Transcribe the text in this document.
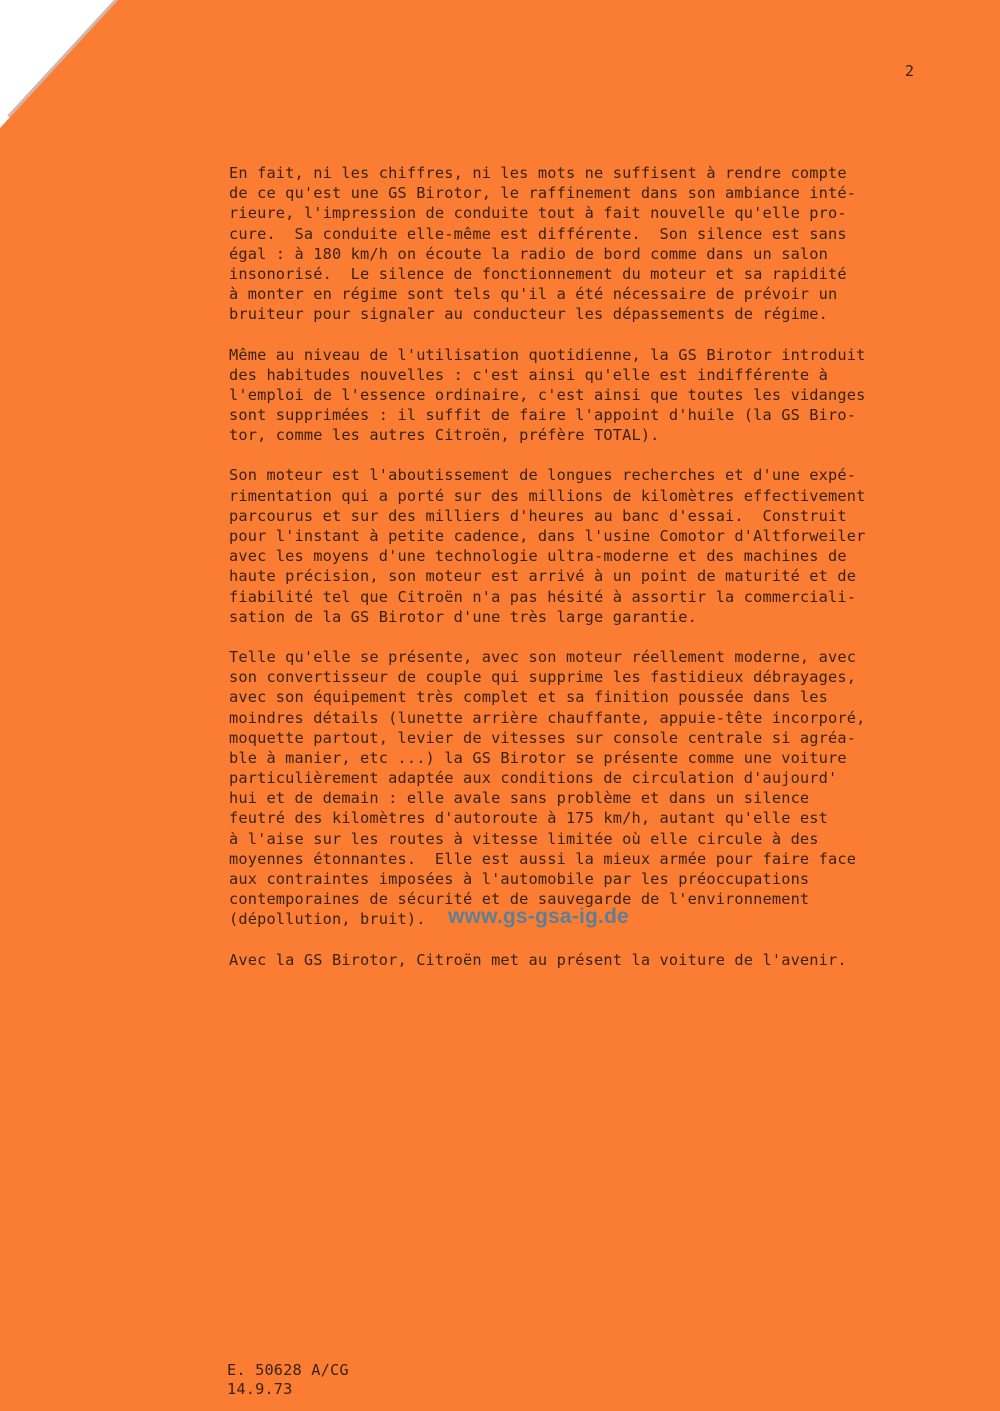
2
En fait, ni les chiffres, ni les mots ne suffisent à rendre compte
de ce qu'est une GS Birotor, le raffinement dans son ambiance inté-
rieure, l'impression de conduite tout à fait nouvelle qu'elle pro-
cure.  Sa conduite elle-même est différente.  Son silence est sans
égal : à 180 km/h on écoute la radio de bord comme dans un salon
insonorisé.  Le silence de fonctionnement du moteur et sa rapidité
à monter en régime sont tels qu'il a été nécessaire de prévoir un
bruiteur pour signaler au conducteur les dépassements de régime.
Même au niveau de l'utilisation quotidienne, la GS Birotor introduit
des habitudes nouvelles : c'est ainsi qu'elle est indifférente à
l'emploi de l'essence ordinaire, c'est ainsi que toutes les vidanges
sont supprimées : il suffit de faire l'appoint d'huile (la GS Biro-
tor, comme les autres Citroën, préfère TOTAL).
Son moteur est l'aboutissement de longues recherches et d'une expé-
rimentation qui a porté sur des millions de kilomètres effectivement
parcourus et sur des milliers d'heures au banc d'essai.  Construit
pour l'instant à petite cadence, dans l'usine Comotor d'Altforweiler
avec les moyens d'une technologie ultra-moderne et des machines de
haute précision, son moteur est arrivé à un point de maturité et de
fiabilité tel que Citroën n'a pas hésité à assortir la commerciali-
sation de la GS Birotor d'une très large garantie.
Telle qu'elle se présente, avec son moteur réellement moderne, avec
son convertisseur de couple qui supprime les fastidieux débrayages,
avec son équipement très complet et sa finition poussée dans les
moindres détails (lunette arrière chauffante, appuie-tête incorporé,
moquette partout, levier de vitesses sur console centrale si agréa-
ble à manier, etc ...) la GS Birotor se présente comme une voiture
particulièrement adaptée aux conditions de circulation d'aujourd'
hui et de demain : elle avale sans problème et dans un silence
feutré des kilomètres d'autoroute à 175 km/h, autant qu'elle est
à l'aise sur les routes à vitesse limitée où elle circule à des
moyennes étonnantes.  Elle est aussi la mieux armée pour faire face
aux contraintes imposées à l'automobile par les préoccupations
contemporaines de sécurité et de sauvegarde de l'environnement
(dépollution, bruit).
Avec la GS Birotor, Citroën met au présent la voiture de l'avenir.
www.gs-gsa-ig.de
E. 50628 A/CG
14.9.73
